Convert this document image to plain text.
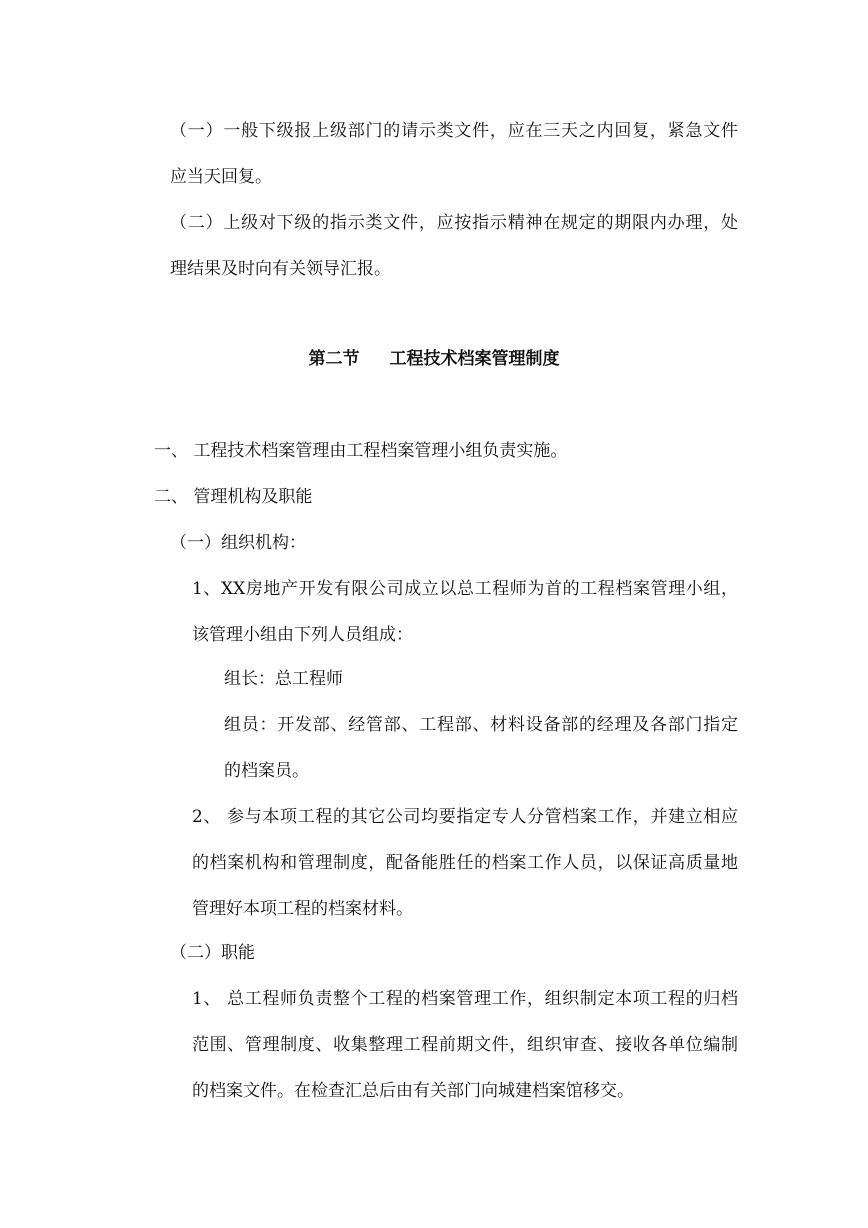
（一）一般下级报上级部门的请示类文件，应在三天之内回复，紧急文件
应当天回复。
（二）上级对下级的指示类文件，应按指示精神在规定的期限内办理，处
理结果及时向有关领导汇报。
第二节 工程技术档案管理制度
一、 工程技术档案管理由工程档案管理小组负责实施。
二、 管理机构及职能
（一）组织机构：
1、XX房地产开发有限公司成立以总工程师为首的工程档案管理小组，
该管理小组由下列人员组成：
组长：总工程师
组员：开发部、经管部、工程部、材料设备部的经理及各部门指定
的档案员。
2、 参与本项工程的其它公司均要指定专人分管档案工作，并建立相应
的档案机构和管理制度，配备能胜任的档案工作人员，以保证高质量地
管理好本项工程的档案材料。
（二）职能
1、 总工程师负责整个工程的档案管理工作，组织制定本项工程的归档
范围、管理制度、收集整理工程前期文件，组织审查、接收各单位编制
的档案文件。在检查汇总后由有关部门向城建档案馆移交。
